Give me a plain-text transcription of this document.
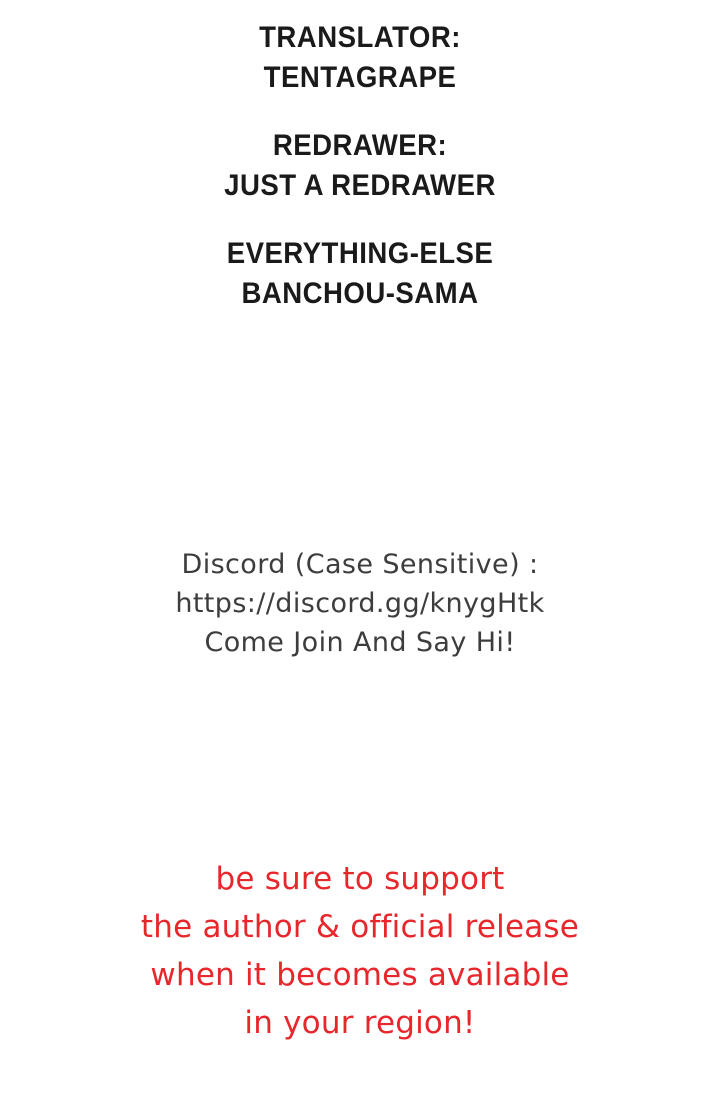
TRANSLATOR:
TENTAGRAPE
REDRAWER:
JUST A REDRAWER
EVERYTHING-ELSE
BANCHOU-SAMA
Discord (Case Sensitive) :
https://discord.gg/knygHtk
Come Join And Say Hi!
be sure to support
the author & official release
when it becomes available
in your region!
